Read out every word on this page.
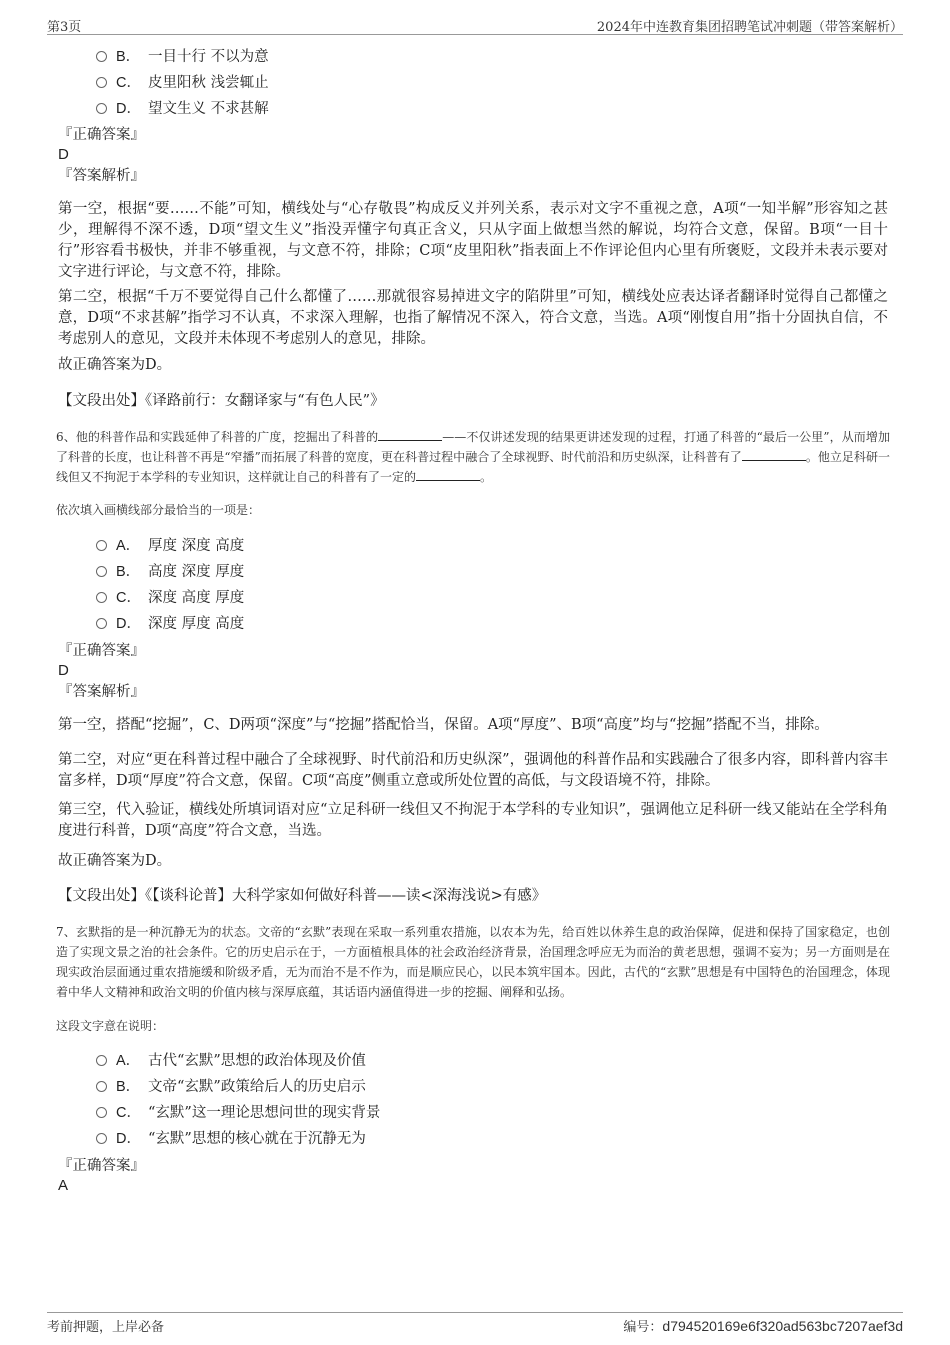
第3页	2024年中连教育集团招聘笔试冲刺题（带答案解析）
B． 一目十行 不以为意
C． 皮里阳秋 浅尝辄止
D． 望文生义 不求甚解
『正确答案』
D
『答案解析』
第一空，根据“要……不能”可知，横线处与“心存敬畏”构成反义并列关系，表示对文字不重视之意，A项“一知半解”形容知之甚少，理解得不深不透，D项“望文生义”指没弄懂字句真正含义，只从字面上做想当然的解说，均符合文意，保留。B项“一目十行”形容看书极快，并非不够重视，与文意不符，排除；C项“皮里阳秋”指表面上不作评论但内心里有所褒贬，文段并未表示要对文字进行评论，与文意不符，排除。
第二空，根据“千万不要觉得自己什么都懂了……那就很容易掉进文字的陷阱里”可知，横线处应表达译者翻译时觉得自己都懂之意，D项“不求甚解”指学习不认真，不求深入理解，也指了解情况不深入，符合文意，当选。A项“刚愎自用”指十分固执自信，不考虑别人的意见，文段并未体现不考虑别人的意见，排除。
故正确答案为D。
【文段出处】《译路前行：女翻译家与“有色人民”》
6、他的科普作品和实践延伸了科普的广度，挖掘出了科普的	——不仅讲述发现的结果更讲述发现的过程，打通了科普的“最后一公里”，从而增加了科普的长度，也让科普不再是“窄播”而拓展了科普的宽度，更在科普过程中融合了全球视野、时代前沿和历史纵深，让科普有了	。他立足科研一线但又不拘泥于本学科的专业知识，这样就让自己的科普有了一定的	。
依次填入画横线部分最恰当的一项是：
A． 厚度 深度 高度
B． 高度 深度 厚度
C． 深度 高度 厚度
D． 深度 厚度 高度
『正确答案』
D
『答案解析』
第一空，搭配“挖掘”，C、D两项“深度”与“挖掘”搭配恰当，保留。A项“厚度”、B项“高度”均与“挖掘”搭配不当，排除。
第二空，对应“更在科普过程中融合了全球视野、时代前沿和历史纵深”，强调他的科普作品和实践融合了很多内容，即科普内容丰富多样，D项“厚度”符合文意，保留。C项“高度”侧重立意或所处位置的高低，与文段语境不符，排除。
第三空，代入验证，横线处所填词语对应“立足科研一线但又不拘泥于本学科的专业知识”，强调他立足科研一线又能站在全学科角度进行科普，D项“高度”符合文意，当选。
故正确答案为D。
【文段出处】《【谈科论普】大科学家如何做好科普——读<深海浅说>有感》
7、玄默指的是一种沉静无为的状态。文帝的“玄默”表现在采取一系列重农措施，以农本为先，给百姓以休养生息的政治保障，促进和保持了国家稳定，也创造了实现文景之治的社会条件。它的历史启示在于，一方面植根具体的社会政治经济背景，治国理念呼应无为而治的黄老思想，强调不妄为；另一方面则是在现实政治层面通过重农措施缓和阶级矛盾，无为而治不是不作为，而是顺应民心，以民本筑牢国本。因此，古代的“玄默”思想是有中国特色的治国理念，体现着中华人文精神和政治文明的价值内核与深厚底蕴，其话语内涵值得进一步的挖掘、阐释和弘扬。
这段文字意在说明：
A． 古代“玄默”思想的政治体现及价值
B． 文帝“玄默”政策给后人的历史启示
C． “玄默”这一理论思想问世的现实背景
D． “玄默”思想的核心就在于沉静无为
『正确答案』
A
考前押题，上岸必备	编号：d794520169e6f320ad563bc7207aef3d
